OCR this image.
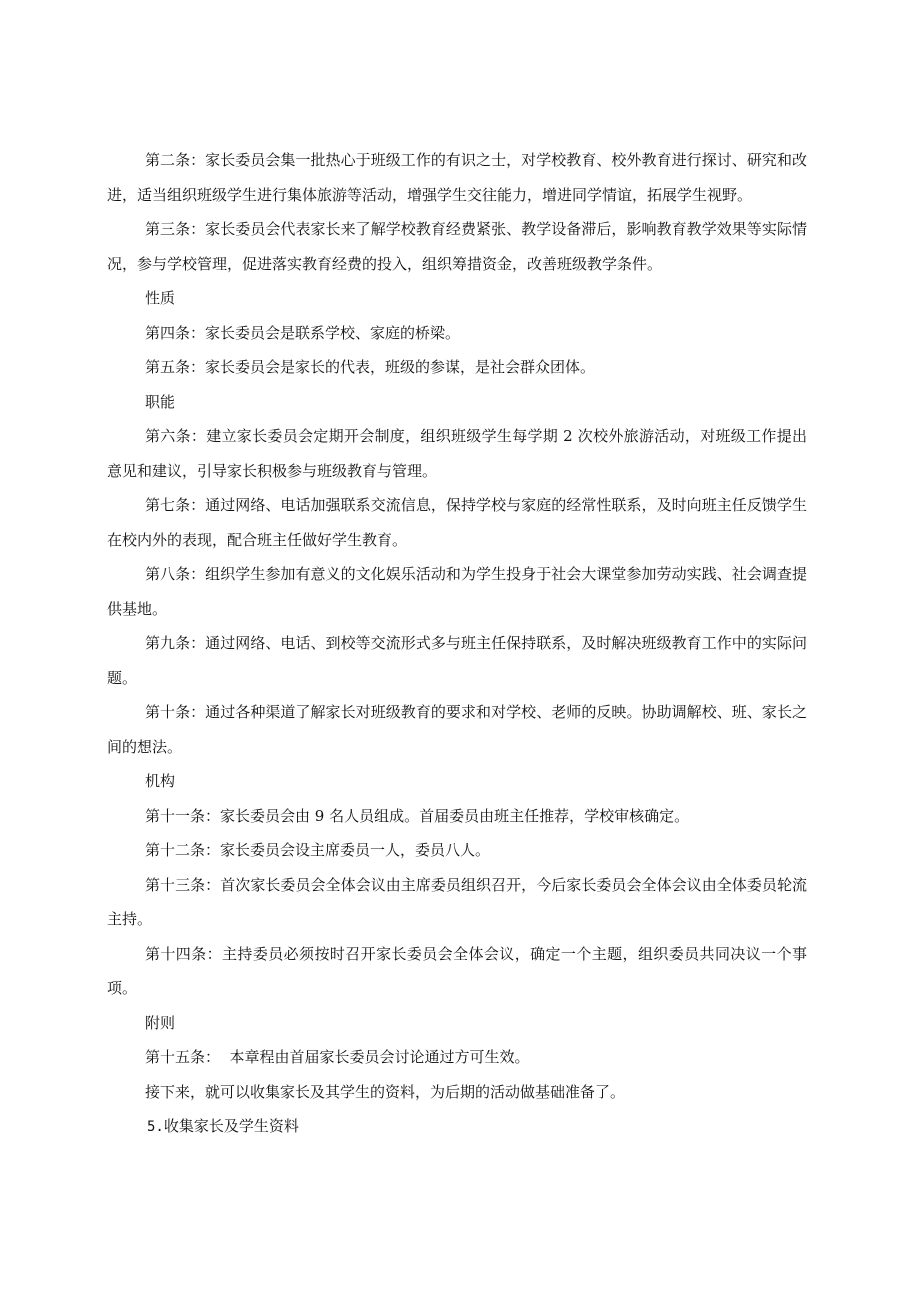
第二条：家长委员会集一批热心于班级工作的有识之士，对学校教育、校外教育进行探讨、研究和改进，适当组织班级学生进行集体旅游等活动，增强学生交往能力，增进同学情谊，拓展学生视野。

第三条：家长委员会代表家长来了解学校教育经费紧张、教学设备滞后，影响教育教学效果等实际情况，参与学校管理，促进落实教育经费的投入，组织筹措资金，改善班级教学条件。

性质

第四条：家长委员会是联系学校、家庭的桥梁。

第五条：家长委员会是家长的代表，班级的参谋，是社会群众团体。

职能

第六条：建立家长委员会定期开会制度，组织班级学生每学期 2 次校外旅游活动，对班级工作提出意见和建议，引导家长积极参与班级教育与管理。

第七条：通过网络、电话加强联系交流信息，保持学校与家庭的经常性联系，及时向班主任反馈学生在校内外的表现，配合班主任做好学生教育。

第八条：组织学生参加有意义的文化娱乐活动和为学生投身于社会大课堂参加劳动实践、社会调查提供基地。

第九条：通过网络、电话、到校等交流形式多与班主任保持联系，及时解决班级教育工作中的实际问题。

第十条：通过各种渠道了解家长对班级教育的要求和对学校、老师的反映。协助调解校、班、家长之间的想法。

机构

第十一条：家长委员会由 9 名人员组成。首届委员由班主任推荐，学校审核确定。

第十二条：家长委员会设主席委员一人，委员八人。

第十三条：首次家长委员会全体会议由主席委员组织召开，今后家长委员会全体会议由全体委员轮流主持。

第十四条：主持委员必须按时召开家长委员会全体会议，确定一个主题，组织委员共同决议一个事项。

附则

第十五条：  本章程由首届家长委员会讨论通过方可生效。

接下来，就可以收集家长及其学生的资料，为后期的活动做基础准备了。

5.收集家长及学生资料
